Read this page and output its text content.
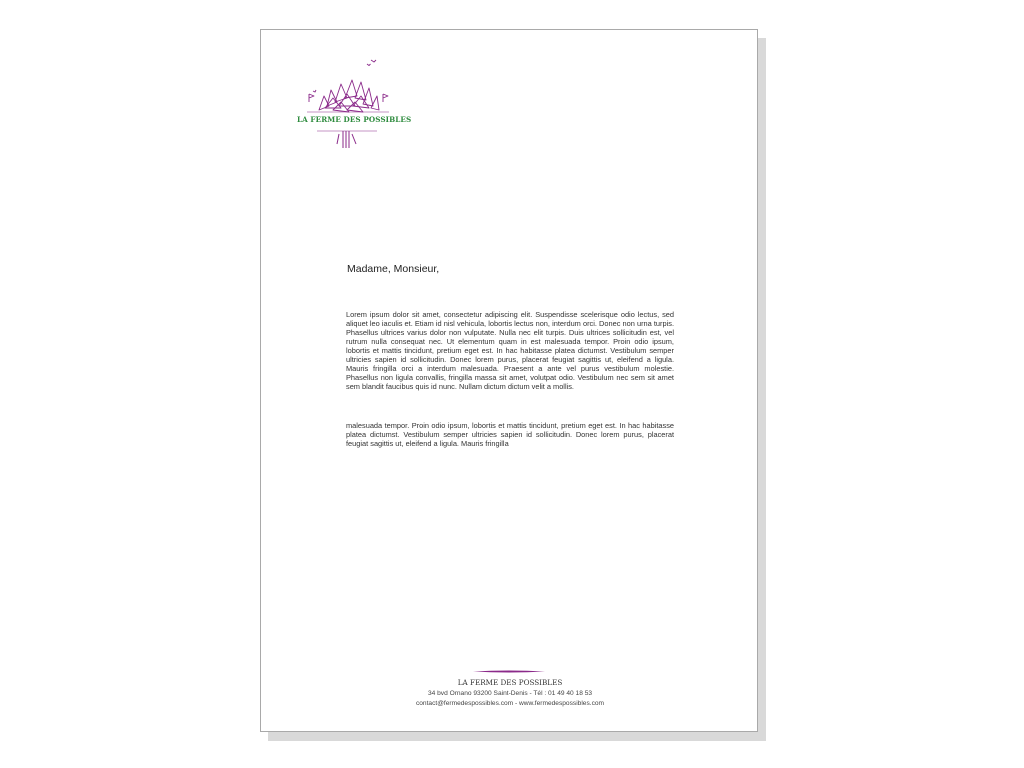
LA FERME DES POSSIBLES
Madame, Monsieur,
Lorem ipsum dolor sit amet, consectetur adipiscing elit. Suspendisse scelerisque odio lectus, sed aliquet leo iaculis et. Etiam id nisl vehicula, lobortis lectus non, interdum orci. Donec non urna turpis. Phasellus ultrices varius dolor non vulputate. Nulla nec elit turpis. Duis ultrices sollicitudin est, vel rutrum nulla consequat nec. Ut elementum quam in est malesuada tempor. Proin odio ipsum, lobortis et mattis tincidunt, pretium eget est. In hac habitasse platea dictumst. Vestibulum semper ultricies sapien id sollicitudin. Donec lorem purus, placerat feugiat sagittis ut, eleifend a ligula. Mauris fringilla orci a interdum malesuada. Praesent a ante vel purus vestibulum molestie. Phasellus non ligula convallis, fringilla massa sit amet, volutpat odio. Vestibulum nec sem sit amet sem blandit faucibus quis id nunc. Nullam dictum dictum velit a mollis.
malesuada tempor. Proin odio ipsum, lobortis et mattis tincidunt, pretium eget est. In hac habitasse platea dictumst. Vestibulum semper ultricies sapien id sollicitudin. Donec lorem purus, placerat feugiat sagittis ut, eleifend a ligula. Mauris fringilla
LA FERME DES POSSIBLES
34 bvd Ornano 93200 Saint-Denis - Tél : 01 49 40 18 53
contact@fermedespossibles.com - www.fermedespossibles.com
